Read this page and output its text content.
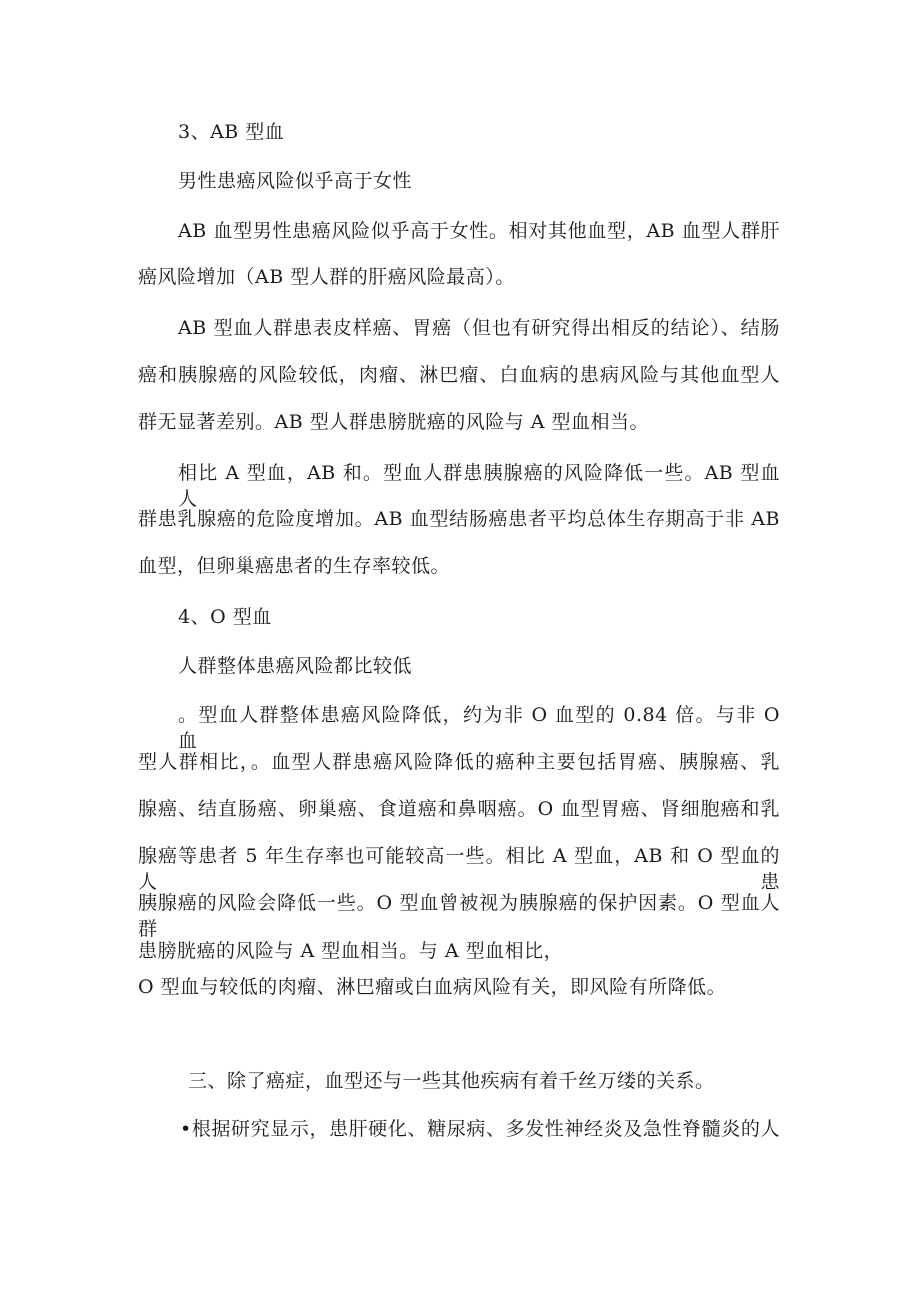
3、AB 型血
男性患癌风险似乎高于女性
AB 血型男性患癌风险似乎高于女性。相对其他血型，AB 血型人群肝
癌风险增加（AB 型人群的肝癌风险最高）。
AB 型血人群患表皮样癌、胃癌（但也有研究得出相反的结论）、结肠
癌和胰腺癌的风险较低，肉瘤、淋巴瘤、白血病的患病风险与其他血型人
群无显著差别。AB 型人群患膀胱癌的风险与 A 型血相当。
相比 A 型血，AB 和。型血人群患胰腺癌的风险降低一些。AB 型血人
群患乳腺癌的危险度增加。AB 血型结肠癌患者平均总体生存期高于非 AB
血型，但卵巢癌患者的生存率较低。
4、O 型血
人群整体患癌风险都比较低
。型血人群整体患癌风险降低，约为非 O 血型的 0.84 倍。与非 O 血
型人群相比，。血型人群患癌风险降低的癌种主要包括胃癌、胰腺癌、乳
腺癌、结直肠癌、卵巢癌、食道癌和鼻咽癌。O 血型胃癌、肾细胞癌和乳
腺癌等患者 5 年生存率也可能较高一些。相比 A 型血，AB 和 O 型血的人患
胰腺癌的风险会降低一些。O 型血曾被视为胰腺癌的保护因素。O 型血人群
患膀胱癌的风险与 A 型血相当。与 A 型血相比，
O 型血与较低的肉瘤、淋巴瘤或白血病风险有关，即风险有所降低。
三、除了癌症，血型还与一些其他疾病有着千丝万缕的关系。
•根据研究显示，患肝硬化、糖尿病、多发性神经炎及急性脊髓炎的人
